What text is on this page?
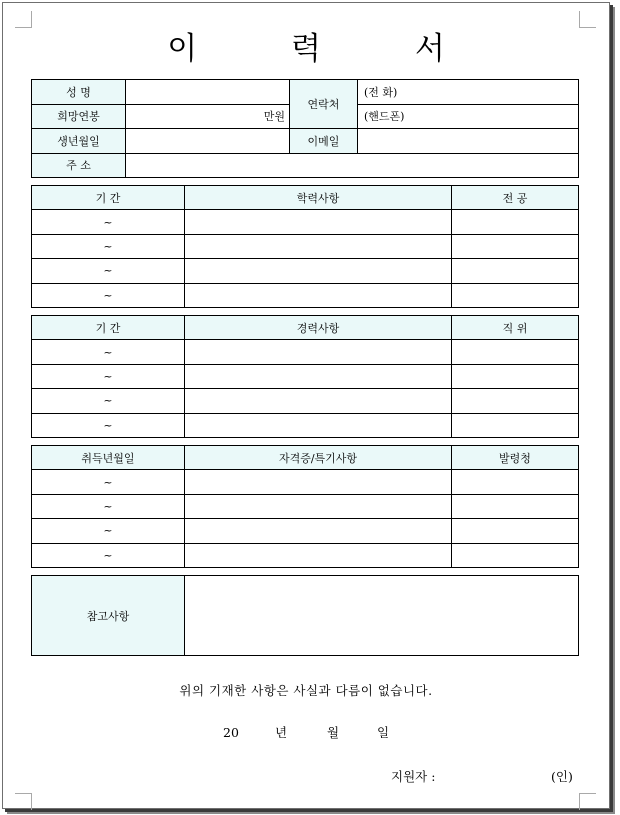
이 력 서
성 명		연락처	(전 화)
희망연봉	만원		(핸드폰)
생년월일		이메일	
주 소			
기 간	학력사항	전 공
~		
~		
~		
~		
기 간	경력사항	직 위
~		
~		
~		
~		
취득년월일	자격증/특기사항	발령청
~		
~		
~		
~		
참고사항	
위의 기재한 사항은 사실과 다름이 없습니다.
20	년	월	일
지원자 :	(인)
